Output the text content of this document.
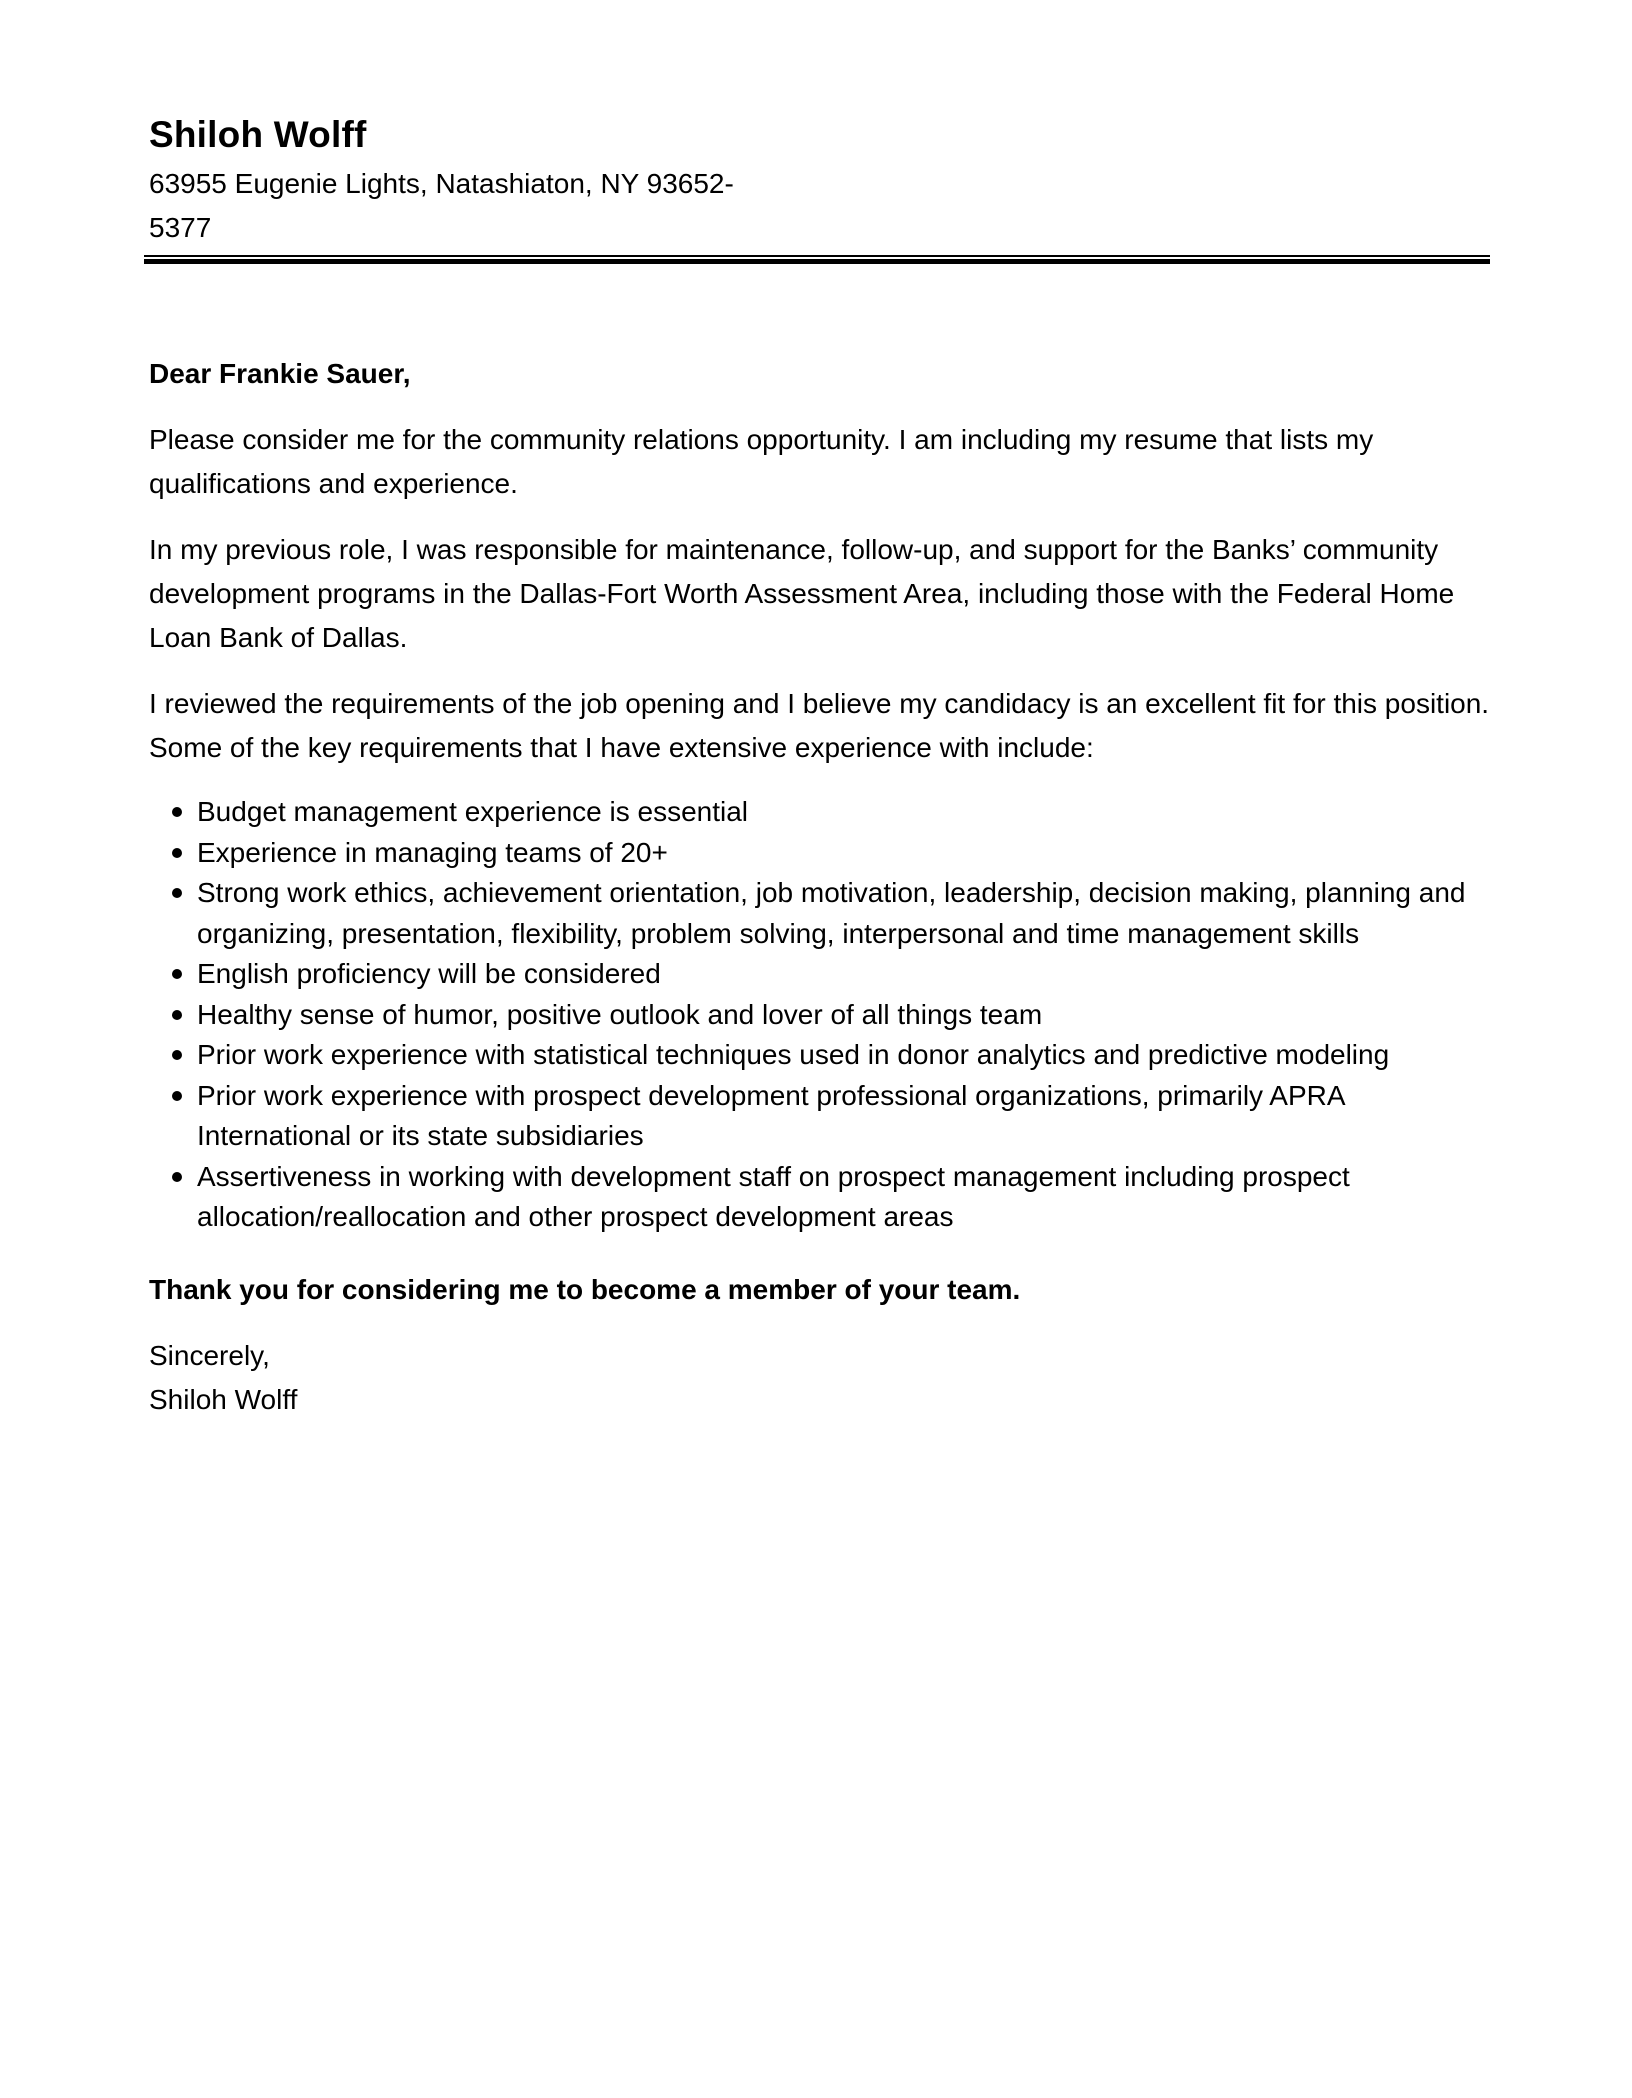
Shiloh Wolff

63955 Eugenie Lights, Natashiaton, NY 93652-5377

Dear Frankie Sauer,

Please consider me for the community relations opportunity. I am including my resume that lists my qualifications and experience.

In my previous role, I was responsible for maintenance, follow-up, and support for the Banks’ community development programs in the Dallas-Fort Worth Assessment Area, including those with the Federal Home Loan Bank of Dallas.

I reviewed the requirements of the job opening and I believe my candidacy is an excellent fit for this position. Some of the key requirements that I have extensive experience with include:

Budget management experience is essential
Experience in managing teams of 20+
Strong work ethics, achievement orientation, job motivation, leadership, decision making, planning and organizing, presentation, flexibility, problem solving, interpersonal and time management skills
English proficiency will be considered
Healthy sense of humor, positive outlook and lover of all things team
Prior work experience with statistical techniques used in donor analytics and predictive modeling
Prior work experience with prospect development professional organizations, primarily APRA International or its state subsidiaries
Assertiveness in working with development staff on prospect management including prospect allocation/reallocation and other prospect development areas

Thank you for considering me to become a member of your team.

Sincerely,

Shiloh Wolff
